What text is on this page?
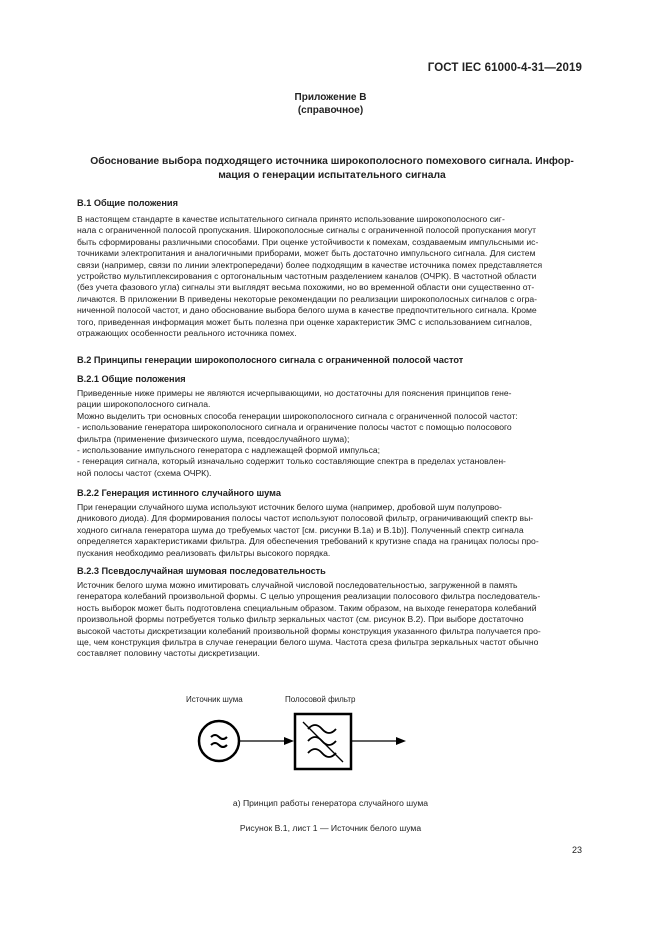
ГОСТ IEC 61000-4-31—2019
Приложение В
(справочное)
Обоснование выбора подходящего источника широкополосного помехового сигнала. Инфор-
мация о генерации испытательного сигнала
В.1 Общие положения
В настоящем стандарте в качестве испытательного сигнала принято использование широкополосного сиг-
нала с ограниченной полосой пропускания. Широкополосные сигналы с ограниченной полосой пропускания могут
быть сформированы различными способами. При оценке устойчивости к помехам, создаваемым импульсными ис-
точниками электропитания и аналогичными приборами, может быть достаточно импульсного сигнала. Для систем
связи (например, связи по линии электропередачи) более подходящим в качестве источника помех представляется
устройство мультиплексирования с ортогональным частотным разделением каналов (ОЧРК). В частотной области
(без учета фазового угла) сигналы эти выглядят весьма похожими, но во временной области они существенно от-
личаются. В приложении В приведены некоторые рекомендации по реализации широкополосных сигналов с огра-
ниченной полосой частот, и дано обоснование выбора белого шума в качестве предпочтительного сигнала. Кроме
того, приведенная информация может быть полезна при оценке характеристик ЭМС с использованием сигналов,
отражающих особенности реального источника помех.
В.2 Принципы генерации широкополосного сигнала с ограниченной полосой частот
В.2.1 Общие положения
Приведенные ниже примеры не являются исчерпывающими, но достаточны для пояснения принципов гене-
рации широкополосного сигнала.
Можно выделить три основных способа генерации широкополосного сигнала с ограниченной полосой частот:
- использование генератора широкополосного сигнала и ограничение полосы частот с помощью полосового
фильтра (применение физического шума, псевдослучайного шума);
- использование импульсного генератора с надлежащей формой импульса;
- генерация сигнала, который изначально содержит только составляющие спектра в пределах установлен-
ной полосы частот (схема ОЧРК).
В.2.2 Генерация истинного случайного шума
При генерации случайного шума используют источник белого шума (например, дробовой шум полупрово-
дникового диода). Для формирования полосы частот используют полосовой фильтр, ограничивающий спектр вы-
ходного сигнала генератора шума до требуемых частот [см. рисунки В.1а) и В.1b)]. Полученный спектр сигнала
определяется характеристиками фильтра. Для обеспечения требований к крутизне спада на границах полосы про-
пускания необходимо реализовать фильтры высокого порядка.
В.2.3 Псевдослучайная шумовая последовательность
Источник белого шума можно имитировать случайной числовой последовательностью, загруженной в память
генератора колебаний произвольной формы. С целью упрощения реализации полосового фильтра последователь-
ность выборок может быть подготовлена специальным образом. Таким образом, на выходе генератора колебаний
произвольной формы потребуется только фильтр зеркальных частот (см. рисунок В.2). При выборе достаточно
высокой частоты дискретизации колебаний произвольной формы конструкция указанного фильтра получается про-
ще, чем конструкция фильтра в случае генерации белого шума. Частота среза фильтра зеркальных частот обычно
составляет половину частоты дискретизации.
Источник шума	Полосовой фильтр
а) Принцип работы генератора случайного шума
Рисунок В.1, лист 1 — Источник белого шума
23
